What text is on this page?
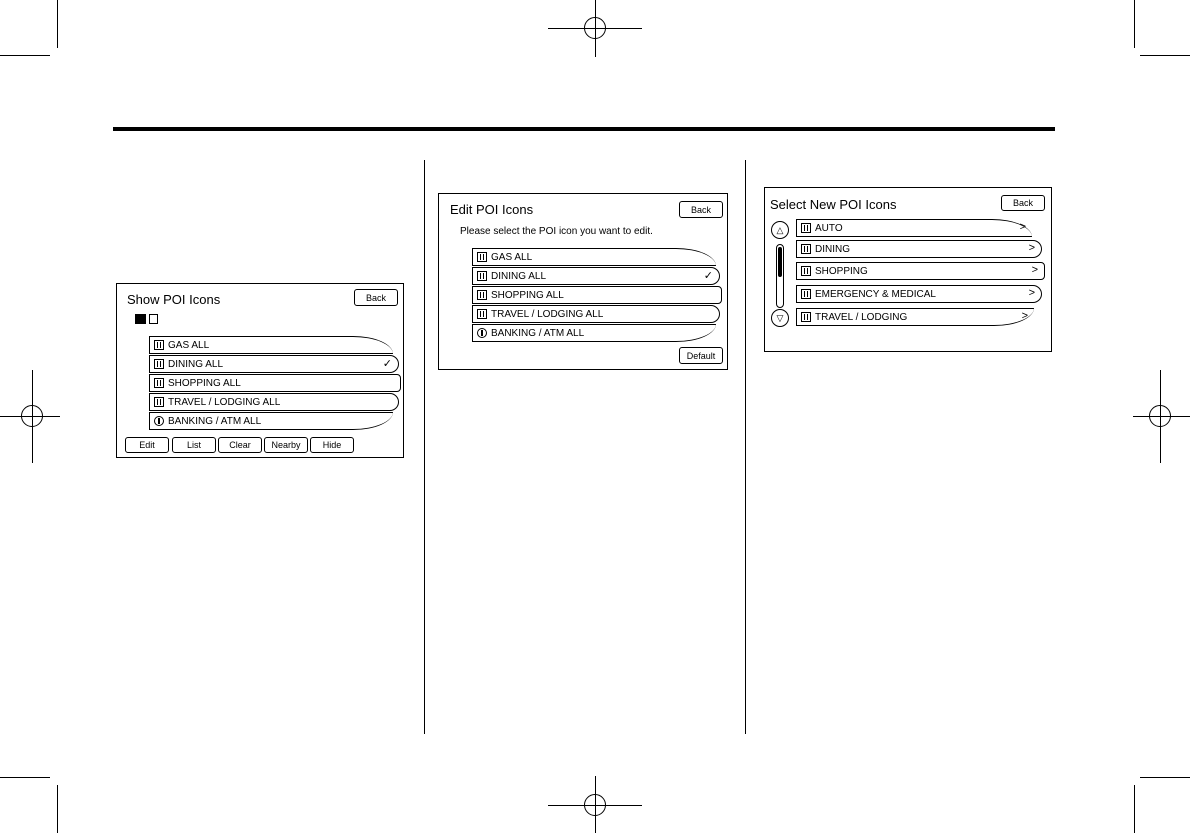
Show POI Icons	Back
GAS ALL
DINING ALL	✓
SHOPPING ALL
TRAVEL / LODGING ALL
BANKING / ATM ALL
Edit	List	Clear	Nearby	Hide
Edit POI Icons	Back
Please select the POI icon you want to edit.
GAS ALL
DINING ALL	✓
SHOPPING ALL
TRAVEL / LODGING ALL
BANKING / ATM ALL
Default
Select New POI Icons	Back
△
▽
AUTO	>
DINING	>
SHOPPING	>
EMERGENCY & MEDICAL	>
TRAVEL / LODGING	>
